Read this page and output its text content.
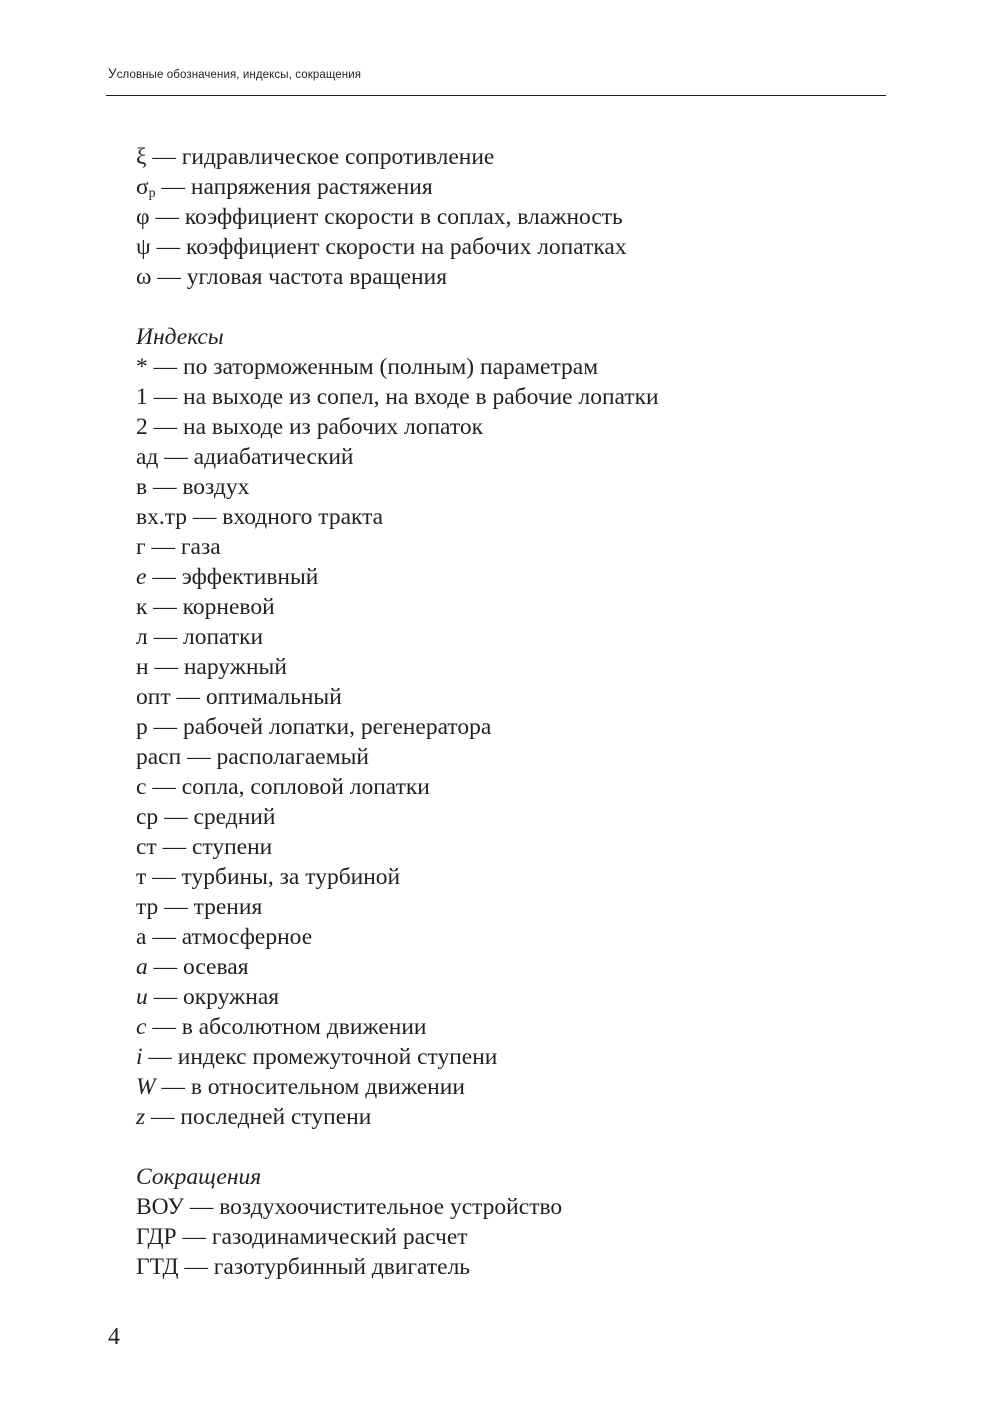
Условные обозначения, индексы, сокращения
ξ — гидравлическое сопротивление
$\sigma_р$ — напряжения растяжения
φ — коэффициент скорости в соплах, влажность
ψ — коэффициент скорости на рабочих лопатках
ω — угловая частота вращения
Индексы
* — по заторможенным (полным) параметрам
1 — на выходе из сопел, на входе в рабочие лопатки
2 — на выходе из рабочих лопаток
ад — адиабатический
в — воздух
вх.тр — входного тракта
г — газа
e — эффективный
к — корневой
л — лопатки
н — наружный
опт — оптимальный
р — рабочей лопатки, регенератора
расп — располагаемый
с — сопла, сопловой лопатки
ср — средний
ст — ступени
т — турбины, за турбиной
тр — трения
а — атмосферное
a — осевая
u — окружная
c — в абсолютном движении
i — индекс промежуточной ступени
W — в относительном движении
z — последней ступени
Сокращения
ВОУ — воздухоочистительное устройство
ГДР — газодинамический расчет
ГТД — газотурбинный двигатель
4
